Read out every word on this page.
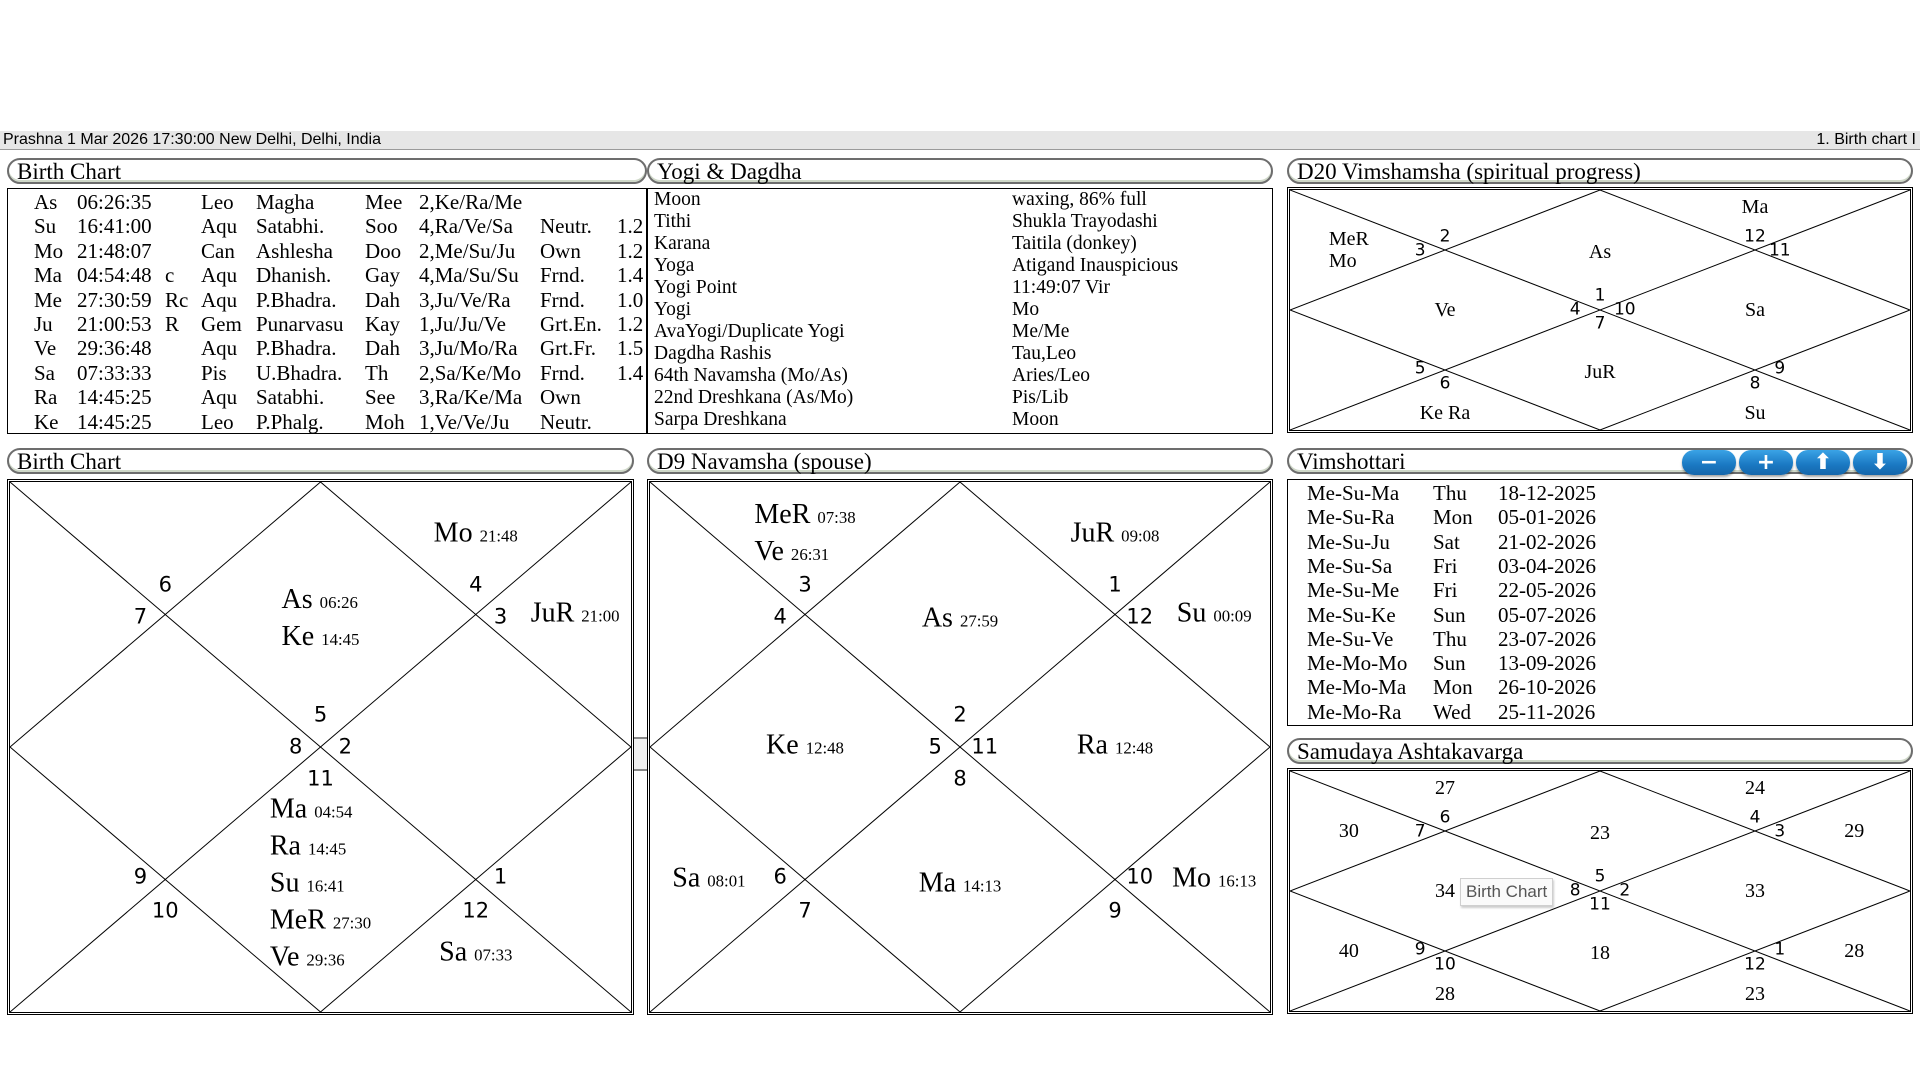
Prashna 1 Mar 2026 17:30:00 New Delhi, Delhi, India	1. Birth chart I
Birth Chart
As 06:26:35 Leo Magha Mee 2,Ke/Ra/Me
Su 16:41:00 Aqu Satabhi. Soo 4,Ra/Ve/Sa Neutr. 1.2
Mo 21:48:07 Can Ashlesha Doo 2,Me/Su/Ju Own 1.2
Ma 04:54:48 c Aqu Dhanish. Gay 4,Ma/Su/Su Frnd. 1.4
Me 27:30:59 Rc Aqu P.Bhadra. Dah 3,Ju/Ve/Ra Frnd. 1.0
Ju 21:00:53 R Gem Punarvasu Kay 1,Ju/Ju/Ve Grt.En. 1.2
Ve 29:36:48 Aqu P.Bhadra. Dah 3,Ju/Mo/Ra Grt.Fr. 1.5
Sa 07:33:33 Pis U.Bhadra. Th 2,Sa/Ke/Mo Frnd. 1.4
Ra 14:45:25 Aqu Satabhi. See 3,Ra/Ke/Ma Own
Ke 14:45:25 Leo P.Phalg. Moh 1,Ve/Ve/Ju Neutr.
Yogi & Dagdha
Moon	waxing, 86% full
Tithi	Shukla Trayodashi
Karana	Taitila (donkey)
Yoga	Atigand Inauspicious
Yogi Point	11:49:07 Vir
Yogi	Mo
AvaYogi/Duplicate Yogi	Me/Me
Dagdha Rashis	Tau,Leo
64th Navamsha (Mo/As)	Aries/Leo
22nd Dreshkana (As/Mo)	Pis/Lib
Sarpa Dreshkana	Moon
D20 Vimshamsha (spiritual progress)
1
As
2
3
MeR
Mo
4
Ve
5
6
Ke Ra
7
JuR
8
Su
9
10	Sa
11
12
Ma
Birth Chart
5
As 06:26
Ke 14:45
6
7
8
9
10
11
Ma 04:54
Ra 14:45
Su 16:41
MeR 27:30
Ve 29:36
12
Sa 07:33
1
2
3 JuR 21:00
4
Mo 21:48
D9 Navamsha (spouse)
2
As 27:59
3
MeR 07:38
Ve 26:31
4
5
Ke 12:48
6
Sa 08:01
7
8
Ma 14:13
9
10 Mo 16:13
11	Ra 12:48
12 Su 00:09
1
JuR 09:08
Vimshottari	−	+	⬆	⬇
Me-Su-Ma Thu 18-12-2025
Me-Su-Ra Mon 05-01-2026
Me-Su-Ju Sat 21-02-2026
Me-Su-Sa Fri 03-04-2026
Me-Su-Me Fri 22-05-2026
Me-Su-Ke Sun 05-07-2026
Me-Su-Ve Thu 23-07-2026
Me-Mo-Mo Sun 13-09-2026
Me-Mo-Ma Mon 26-10-2026
Me-Mo-Ra Wed 25-11-2026
Samudaya Ashtakavarga
5
23
6
27
7
30
8
34
9
40
10
28
11
18
12
23
1	28
2	33
3	29
4
24
Birth Chart
